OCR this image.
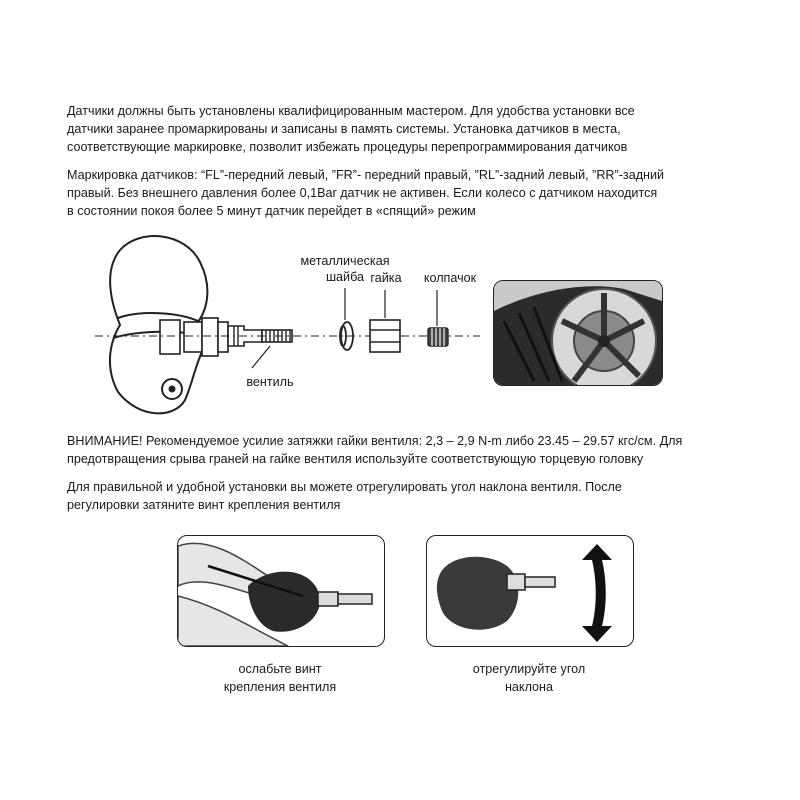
Датчики должны быть установлены квалифицированным мастером. Для удобства установки все
датчики заранее промаркированы и записаны в память системы. Установка датчиков в места,
соответствующие маркировке, позволит избежать процедуры перепрограммирования датчиков

Маркировка датчиков: “FL”-передний левый, ”FR”- передний правый, ”RL”-задний левый, ”RR”-задний
правый. Без внешнего давления более 0,1Bar датчик не активен. Если колесо с датчиком находится
в состоянии покоя более 5 минут датчик перейдет в «спящий» режим

металлическая
шайба гайка	колпачок
вентиль

ВНИМАНИЕ! Рекомендуемое усилие затяжки гайки вентиля: 2,3 – 2,9 N-m либо 23.45 – 29.57 кгс/см. Для
предотвращения срыва граней на гайке вентиля используйте соответствующую торцевую головку

Для правильной и удобной установки вы можете отрегулировать угол наклона вентиля. После
регулировки затяните винт крепления вентиля

ослабьте винт
крепления вентиля
отрегулируйте угол
наклона
